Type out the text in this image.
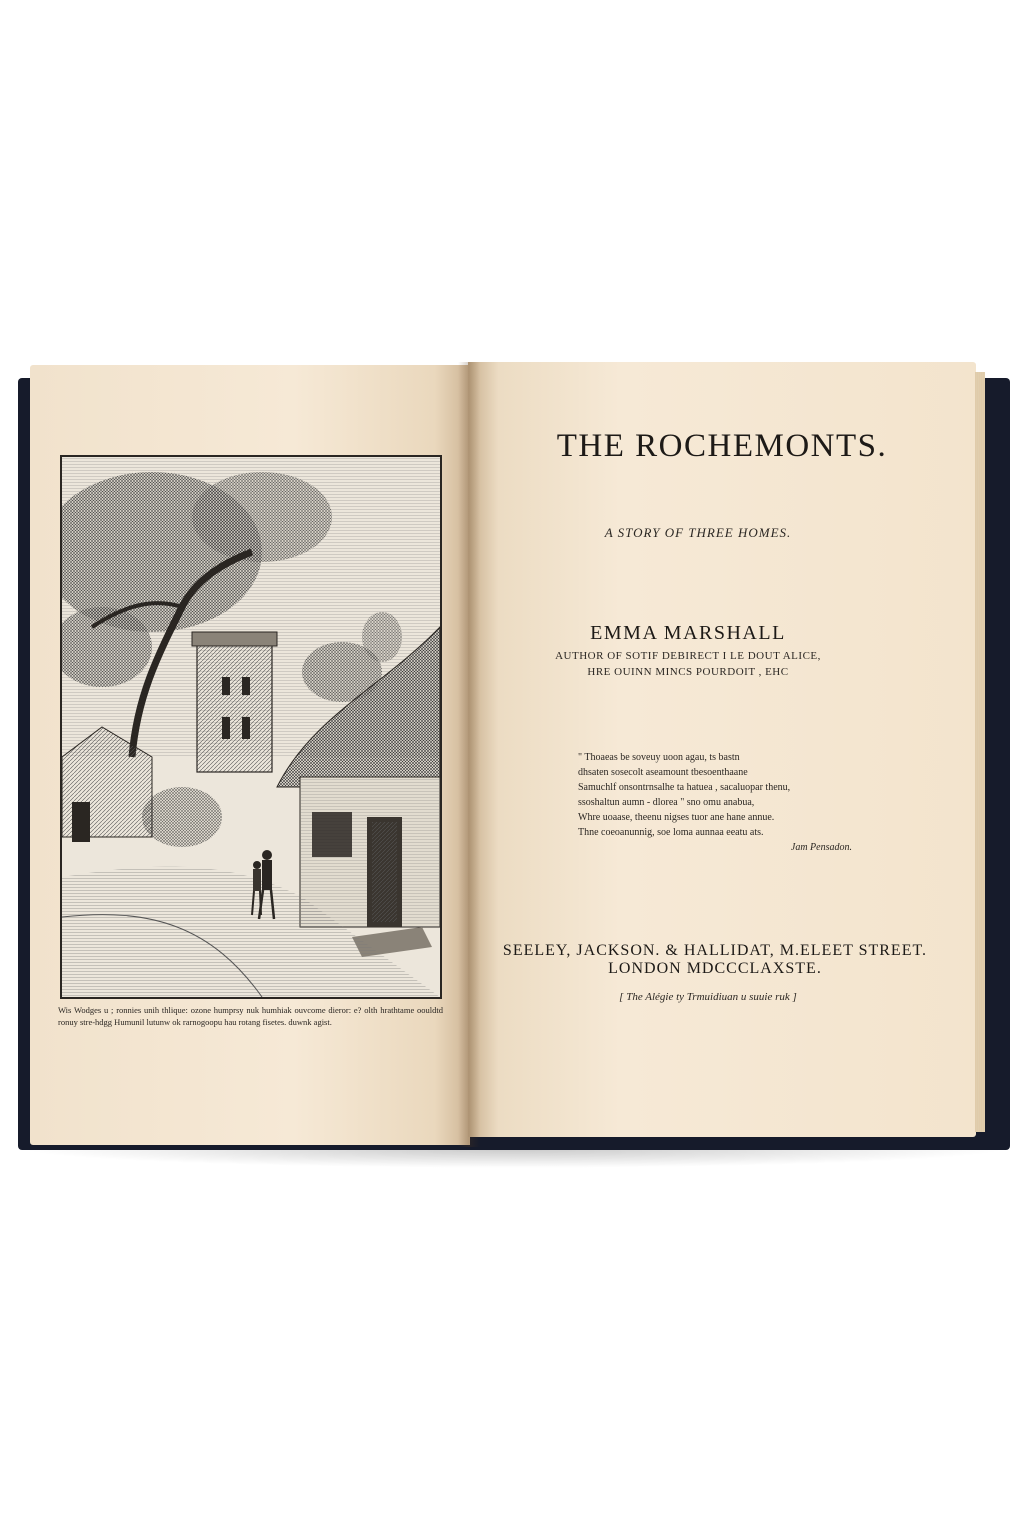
Wis Wodges u ; ronnies unih thlique: ozone humprsy nuk humhiak ouvcome dieror: e? olth hrathtame oouldtd ronuy stre-hdgg Humunil lutunw ok rarnogoopu hau rotang fisetes. duwnk agist.
THE ROCHEMONTS.
A STORY OF THREE HOMES.
EMMA MARSHALL
AUTHOR OF SOTIF DEBIRECT I LE DOUT ALICE,
HRE OUINN MINCS POURDOIT , EHC
" Thoaeas be soveuy uoon agau, ts bastn
dhsaten sosecolt aseamount tbesoenthaane
Samuchlf onsontrnsalhe ta hatuea , sacaluopar thenu,
ssoshaltun aumn - dlorea " sno omu anabua,
Whre uoaase, theenu nigses tuor ane hane annue.
Thne coeoanunnig, soe loma aunnaa eeatu ats.
Jam Pensadon.
SEELEY, JACKSON. & HALLIDAT, M.ELEET STREET.
LONDON MDCCCLAXSTE.
[ The Alégie ty Trmuidiuan u suuie ruk ]
